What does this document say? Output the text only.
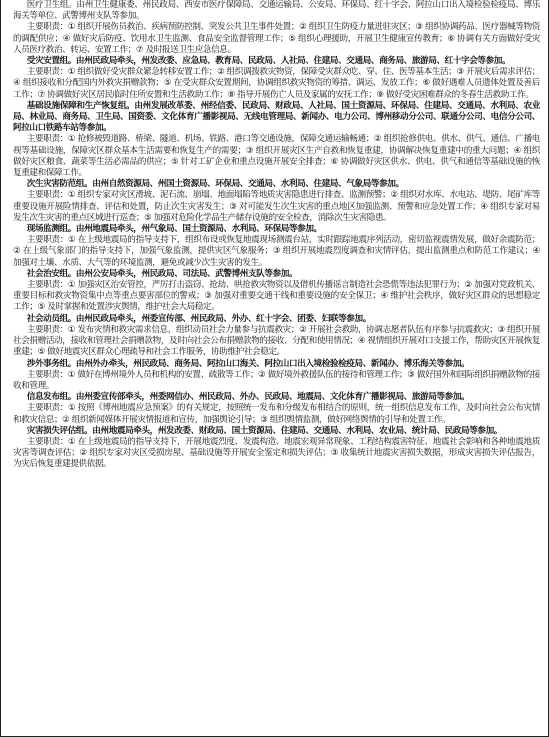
医疗卫生组。由州卫生健康委、州民政局、西安市医疗保障局、交通运输局、公安局、环保局、红十字会、阿拉山口出入境检验检疫局、博乐海关等单位、武警博州支队等参加。

主要职责：① 组织开展伤员救治、疾病预防控制、突发公共卫生事件处置；② 组织卫生防疫力量进驻灾区；③ 组织协调药品、医疗器械等物资的调配供应；④ 做好灾后防疫、饮用水卫生监测、食品安全监督管理工作；⑤ 组织心理援助，开展卫生健康宣传教育；⑥ 协调有关方面做好受灾人员医疗救治、转运、安置工作；⑦ 及时报送卫生应急信息。

受灾安置组。由州民政局牵头，州发改委、应急局、教育局、民政局、人社局、住建局、交通局、商务局、旅游局、红十字会等参加。

主要职责：① 组织做好受灾群众紧急转移安置工作；② 组织调拨救灾物资，保障受灾群众吃、穿、住、医等基本生活；③ 开展灾后需求评估；④ 组织接收和分配国内外救灾捐赠款物；⑤ 在受灾群众安置期间，协调组织救灾物资的筹措、调运、发放工作；⑥ 做好遇难人员遗体处置及善后工作；⑦ 协调做好灾区居民临时住所安置和生活救助工作；⑧ 指导开展伤亡人员及家属的安抚工作；⑨ 做好受灾困难群众的冬春生活救助工作。

基础设施保障和生产恢复组。由州发展改革委、州经信委、民政局、财政局、人社局、国土资源局、环保局、住建局、交通局、水利局、农业局、林业局、商务局、卫生局、国资委、文化体育广播影视局、无线电管理局、新闻办、电力公司、博州移动分公司、联通分公司、电信分公司、阿拉山口铁路车站等参加。

主要职责：① 抢修被毁道路、桥梁、隧道、机场、铁路、港口等交通设施，保障交通运输畅通；② 组织抢修供电、供水、供气、通信、广播电视等基础设施，保障灾区群众基本生活需要和恢复生产的需要；③ 组织开展灾区生产自救和恢复重建，协调解决恢复重建中的重大问题；④ 组织做好灾区粮食、蔬菜等生活必需品的供应；⑤ 针对工矿企业和重点设施开展安全排查；⑥ 协调做好灾区供水、供电、供气和通信等基础设施的恢复重建和保障工作。

次生灾害防范组。由州自然资源局、州国土资源局、环保局、交通局、水利局、住建局、气象局等参加。

主要职责：① 组织专家对灾区滑坡、泥石流、崩塌、地面塌陷等地质灾害隐患进行排查、监测预警；② 组织对水库、水电站、堤防、尾矿库等重要设施开展险情排查、评估和处置，防止次生灾害发生；③ 对可能发生次生灾害的重点地区加强监测、预警和应急处置工作；④ 组织专家对易发生次生灾害的重点区域进行巡查；⑤ 加强对危险化学品生产储存设施的安全检查，消除次生灾害隐患。

现场监测组。由州地震局牵头，州气象局、国土资源局、水利局、环保局等参加。

主要职责：① 在上级地震局的指导支持下，组织布设或恢复地震现场测震台站，实时跟踪地震序列活动，密切监视震情发展，做好余震防范；② 在上级气象部门的指导支持下，加强气象监测，提供灾区气象服务；③ 组织开展地震烈度调查和灾情评估，提出监测重点和防范工作建议；④ 加强对土壤、水质、大气等的环境监测，避免或减少次生灾害的发生。

社会治安组。由州公安局牵头，州民政局、司法局、武警博州支队等参加。

主要职责：① 加强灾区治安管控，严厉打击盗窃、抢劫、哄抢救灾物资以及借机传播谣言制造社会恐慌等违法犯罪行为；② 加强对党政机关、重要目标和救灾物资集中点等重点要害部位的警戒；③ 加强对重要交通干线和重要设施的安全保卫；④ 维护社会秩序，做好灾区群众的思想稳定工作；⑤ 及时掌握和处置涉灾舆情，维护社会大局稳定。

社会动员组。由州民政局牵头，州委宣传部、州民政局、外办、红十字会、团委、妇联等参加。

主要职责：① 发布灾情和救灾需求信息，组织动员社会力量参与抗震救灾；② 开展社会救助，协调志愿者队伍有序参与抗震救灾；③ 组织开展社会捐赠活动，接收和管理社会捐赠款物，及时向社会公布捐赠款物的接收、分配和使用情况；④ 视情组织开展对口支援工作，帮助灾区开展恢复重建；⑤ 做好地震灾区群众心理疏导和社会工作服务，协助维护社会稳定。

涉外事务组。由州外办牵头，州民政局、商务局、阿拉山口海关、阿拉山口出入境检验检疫局、新闻办、博乐海关等参加。

主要职责：① 做好在博州境外人员和机构的安置、疏散等工作；② 做好境外救援队伍的接待和管理工作；③ 做好国外和国际组织捐赠款物的接收和管理。

信息发布组。由州委宣传部牵头，州委网信办、州民政局、外办、民政局、地震局、文化体育广播影视局、旅游局等参加。

主要职责：① 按照《博州地震应急预案》的有关规定，按照统一发布和分级发布相结合的原则，统一组织信息发布工作，及时向社会公布灾情和救灾信息；② 组织新闻媒体开展灾情报道和宣传，加强舆论引导；③ 组织舆情监测，做好网络舆情的引导和处置工作。

灾害损失评估组。由州地震局牵头，州发改委、财政局、国土资源局、住建局、交通局、水利局、农业局、统计局、民政局等参加。

主要职责：① 在上级地震局的指导支持下，开展地震烈度、发震构造、地震宏观异常现象、工程结构震害特征、地震社会影响和各种地震地质灾害等调查评估；② 组织专家对灾区受损房屋、基础设施等开展安全鉴定和损失评估；③ 收集统计地震灾害损失数据，形成灾害损失评估报告，为灾后恢复重建提供依据。
